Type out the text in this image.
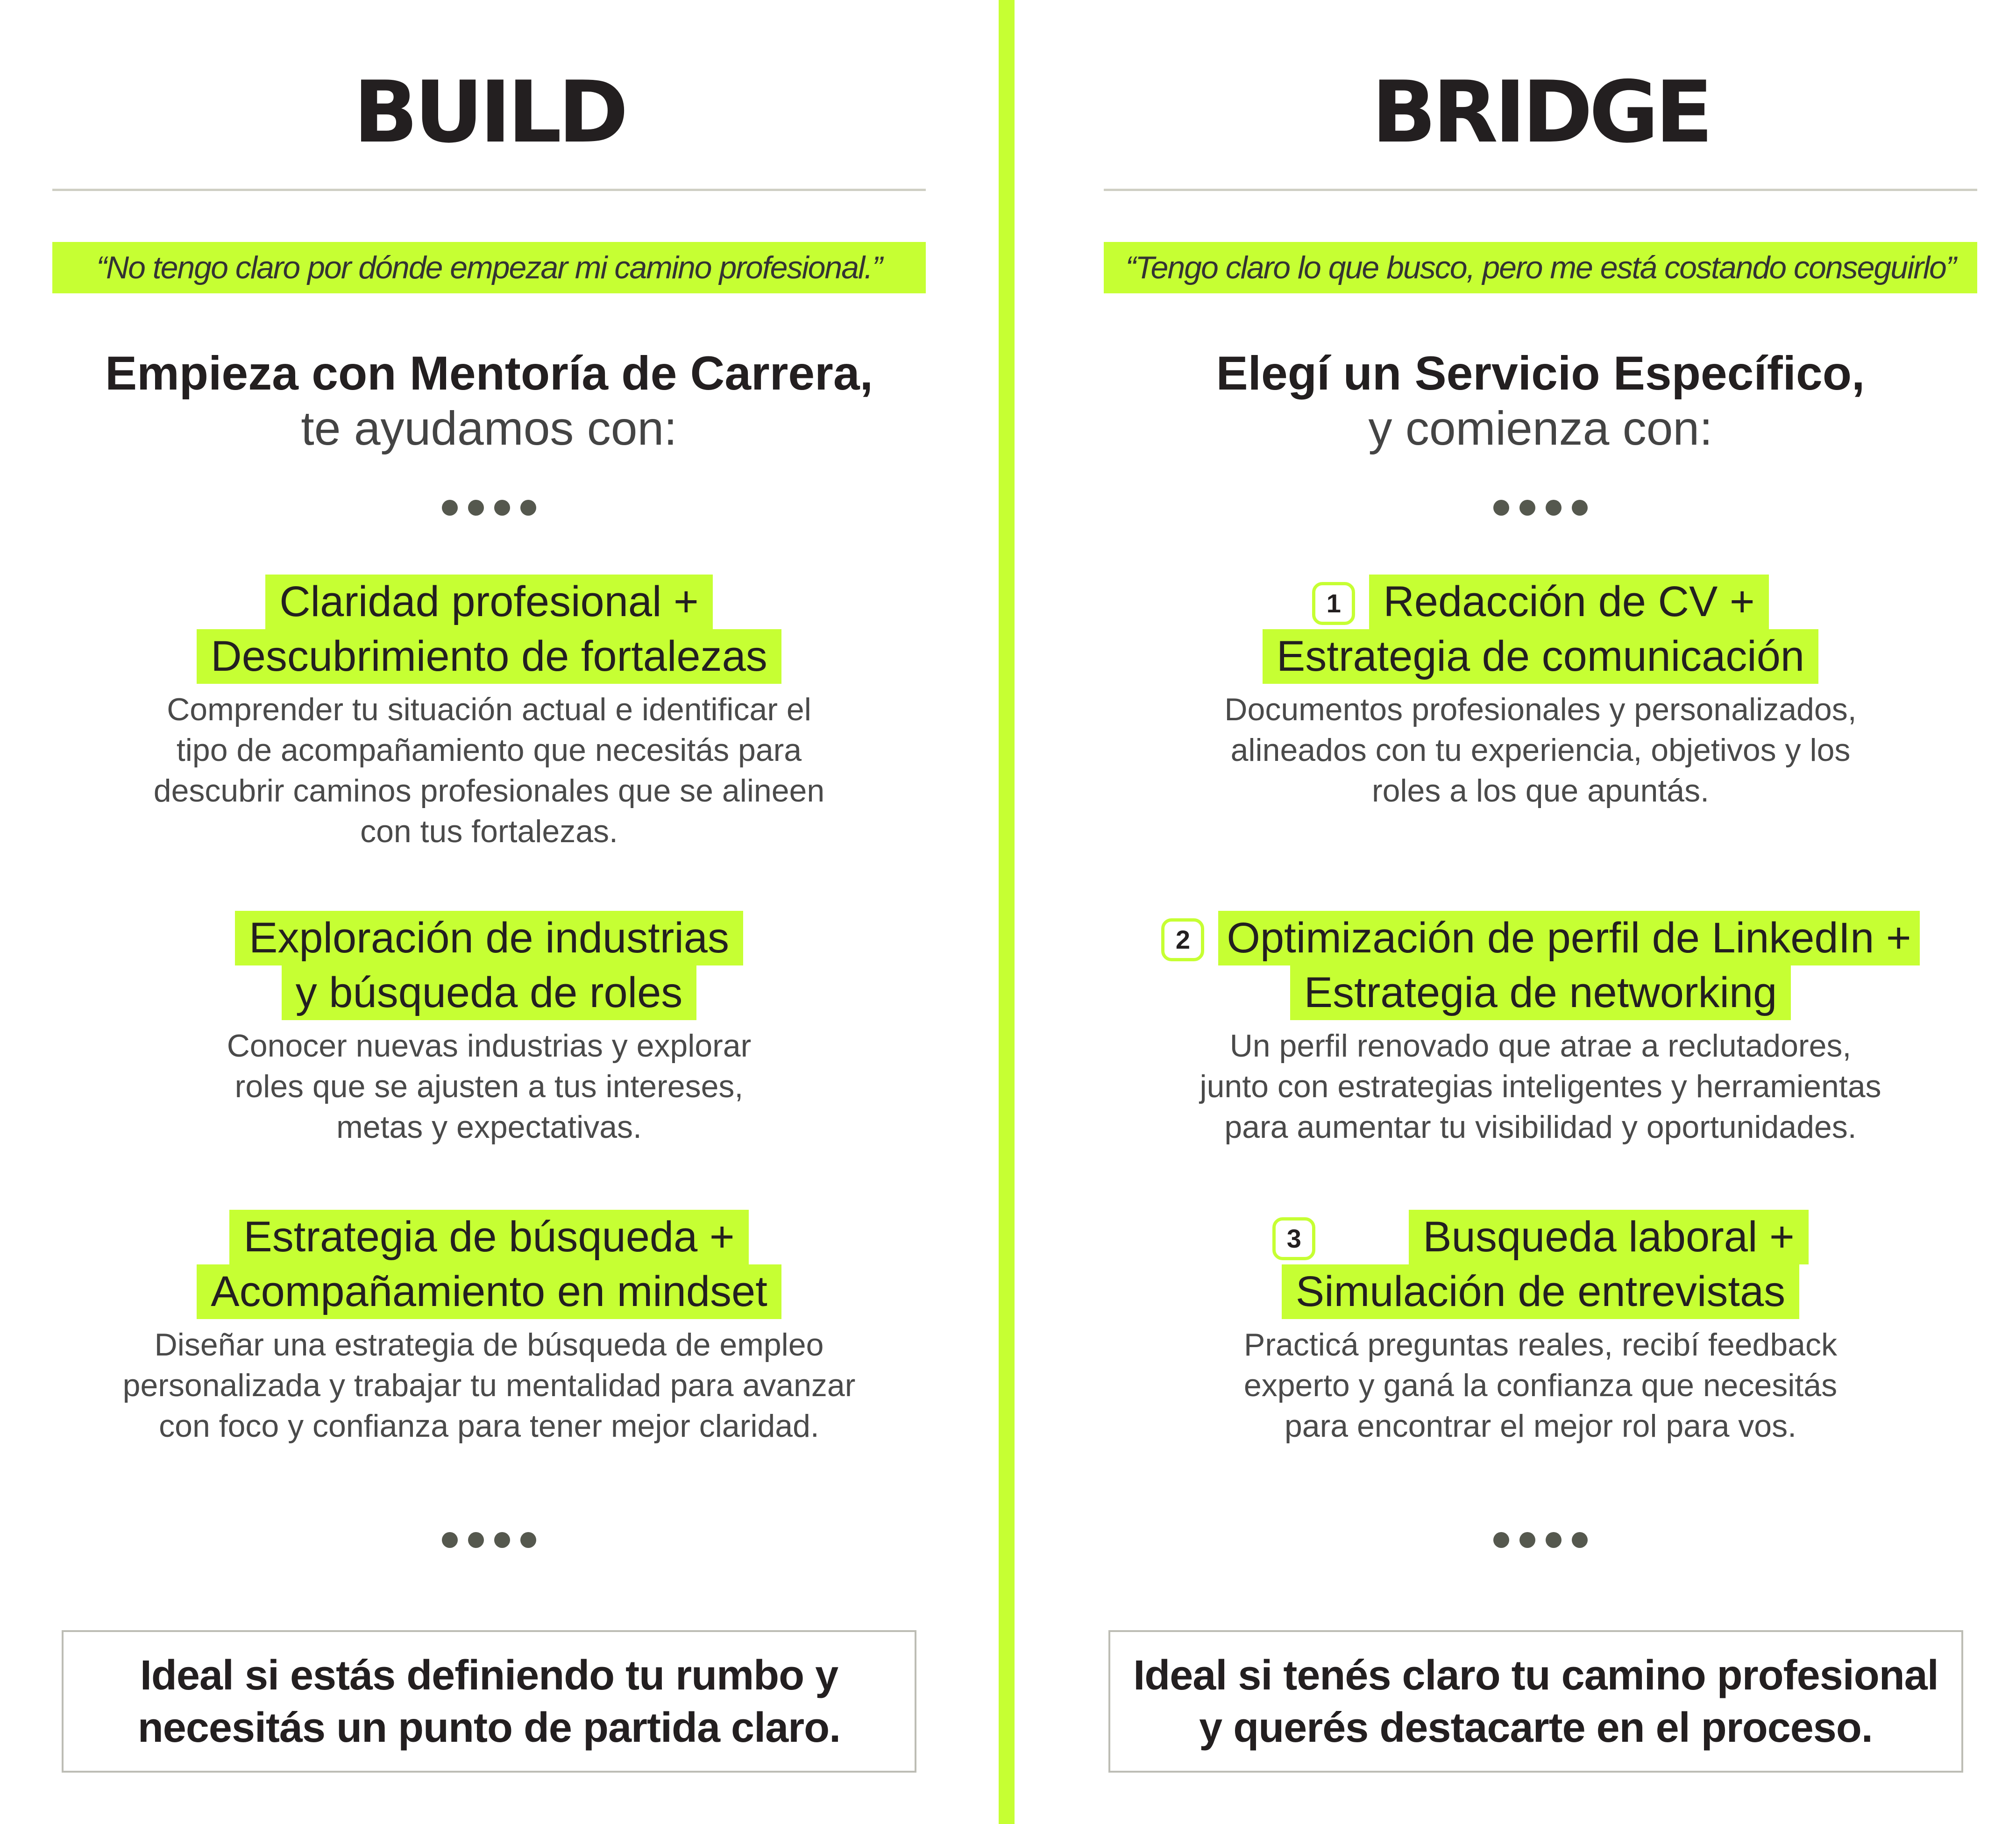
BUILD
“No tengo claro por dónde empezar mi camino profesional.”
Empieza con Mentoría de Carrera,
te ayudamos con:
Claridad profesional +
Descubrimiento de fortalezas
Comprender tu situación actual e identificar el
tipo de acompañamiento que necesitás para
descubrir caminos profesionales que se alineen
con tus fortalezas.
Exploración de industrias
y búsqueda de roles
Conocer nuevas industrias y explorar
roles que se ajusten a tus intereses,
metas y expectativas.
Estrategia de búsqueda +
Acompañamiento en mindset
Diseñar una estrategia de búsqueda de empleo
personalizada y trabajar tu mentalidad para avanzar
con foco y confianza para tener mejor claridad.
Ideal si estás definiendo tu rumbo y
necesitás un punto de partida claro.
BRIDGE
“Tengo claro lo que busco, pero me está costando conseguirlo”
Elegí un Servicio Específico,
y comienza con:
1 Redacción de CV +
Estrategia de comunicación
Documentos profesionales y personalizados,
alineados con tu experiencia, objetivos y los
roles a los que apuntás.
2 Optimización de perfil de LinkedIn +
Estrategia de networking
Un perfil renovado que atrae a reclutadores,
junto con estrategias inteligentes y herramientas
para aumentar tu visibilidad y oportunidades.
3	Busqueda laboral +
Simulación de entrevistas
Practicá preguntas reales, recibí feedback
experto y ganá la confianza que necesitás
para encontrar el mejor rol para vos.
Ideal si tenés claro tu camino profesional
y querés destacarte en el proceso.
